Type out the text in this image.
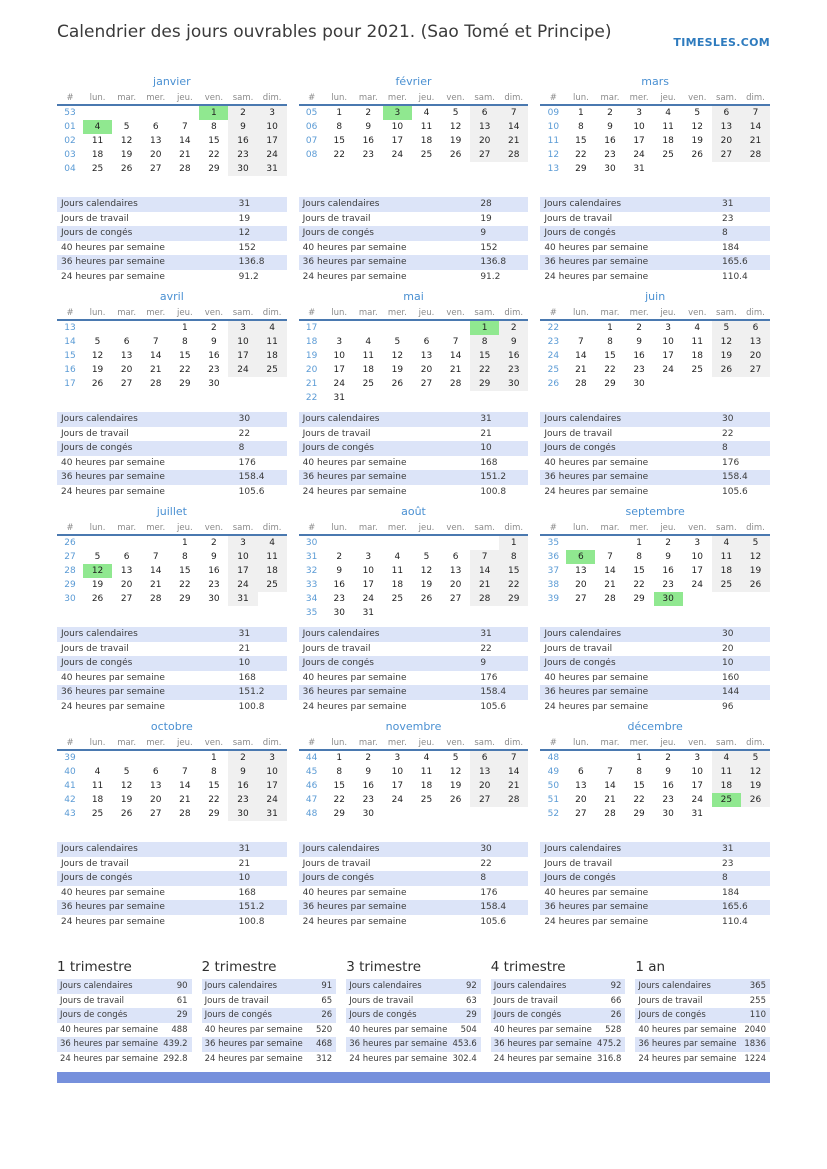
Calendrier des jours ouvrables pour 2021. (Sao Tomé et Principe)
TIMESLES.COM
janvier
#	lun.	mar.	mer.	jeu.	ven.	sam.	dim.
53					1	2	3
01	4	5	6	7	8	9	10
02	11	12	13	14	15	16	17
03	18	19	20	21	22	23	24
04	25	26	27	28	29	30	31
Jours calendaires	31
Jours de travail	19
Jours de congés	12
40 heures par semaine	152
36 heures par semaine	136.8
24 heures par semaine	91.2
février
#	lun.	mar.	mer.	jeu.	ven.	sam.	dim.
05	1	2	3	4	5	6	7
06	8	9	10	11	12	13	14
07	15	16	17	18	19	20	21
08	22	23	24	25	26	27	28
Jours calendaires	28
Jours de travail	19
Jours de congés	9
40 heures par semaine	152
36 heures par semaine	136.8
24 heures par semaine	91.2
mars
#	lun.	mar.	mer.	jeu.	ven.	sam.	dim.
09	1	2	3	4	5	6	7
10	8	9	10	11	12	13	14
11	15	16	17	18	19	20	21
12	22	23	24	25	26	27	28
13	29	30	31				
Jours calendaires	31
Jours de travail	23
Jours de congés	8
40 heures par semaine	184
36 heures par semaine	165.6
24 heures par semaine	110.4
avril
#	lun.	mar.	mer.	jeu.	ven.	sam.	dim.
13				1	2	3	4
14	5	6	7	8	9	10	11
15	12	13	14	15	16	17	18
16	19	20	21	22	23	24	25
17	26	27	28	29	30		
Jours calendaires	30
Jours de travail	22
Jours de congés	8
40 heures par semaine	176
36 heures par semaine	158.4
24 heures par semaine	105.6
mai
#	lun.	mar.	mer.	jeu.	ven.	sam.	dim.
17						1	2
18	3	4	5	6	7	8	9
19	10	11	12	13	14	15	16
20	17	18	19	20	21	22	23
21	24	25	26	27	28	29	30
22	31						
Jours calendaires	31
Jours de travail	21
Jours de congés	10
40 heures par semaine	168
36 heures par semaine	151.2
24 heures par semaine	100.8
juin
#	lun.	mar.	mer.	jeu.	ven.	sam.	dim.
22		1	2	3	4	5	6
23	7	8	9	10	11	12	13
24	14	15	16	17	18	19	20
25	21	22	23	24	25	26	27
26	28	29	30				
Jours calendaires	30
Jours de travail	22
Jours de congés	8
40 heures par semaine	176
36 heures par semaine	158.4
24 heures par semaine	105.6
juillet
#	lun.	mar.	mer.	jeu.	ven.	sam.	dim.
26				1	2	3	4
27	5	6	7	8	9	10	11
28	12	13	14	15	16	17	18
29	19	20	21	22	23	24	25
30	26	27	28	29	30	31	
Jours calendaires	31
Jours de travail	21
Jours de congés	10
40 heures par semaine	168
36 heures par semaine	151.2
24 heures par semaine	100.8
août
#	lun.	mar.	mer.	jeu.	ven.	sam.	dim.
30							1
31	2	3	4	5	6	7	8
32	9	10	11	12	13	14	15
33	16	17	18	19	20	21	22
34	23	24	25	26	27	28	29
35	30	31					
Jours calendaires	31
Jours de travail	22
Jours de congés	9
40 heures par semaine	176
36 heures par semaine	158.4
24 heures par semaine	105.6
septembre
#	lun.	mar.	mer.	jeu.	ven.	sam.	dim.
35			1	2	3	4	5
36	6	7	8	9	10	11	12
37	13	14	15	16	17	18	19
38	20	21	22	23	24	25	26
39	27	28	29	30			
Jours calendaires	30
Jours de travail	20
Jours de congés	10
40 heures par semaine	160
36 heures par semaine	144
24 heures par semaine	96
octobre
#	lun.	mar.	mer.	jeu.	ven.	sam.	dim.
39					1	2	3
40	4	5	6	7	8	9	10
41	11	12	13	14	15	16	17
42	18	19	20	21	22	23	24
43	25	26	27	28	29	30	31
Jours calendaires	31
Jours de travail	21
Jours de congés	10
40 heures par semaine	168
36 heures par semaine	151.2
24 heures par semaine	100.8
novembre
#	lun.	mar.	mer.	jeu.	ven.	sam.	dim.
44	1	2	3	4	5	6	7
45	8	9	10	11	12	13	14
46	15	16	17	18	19	20	21
47	22	23	24	25	26	27	28
48	29	30					
Jours calendaires	30
Jours de travail	22
Jours de congés	8
40 heures par semaine	176
36 heures par semaine	158.4
24 heures par semaine	105.6
décembre
#	lun.	mar.	mer.	jeu.	ven.	sam.	dim.
48			1	2	3	4	5
49	6	7	8	9	10	11	12
50	13	14	15	16	17	18	19
51	20	21	22	23	24	25	26
52	27	28	29	30	31		
Jours calendaires	31
Jours de travail	23
Jours de congés	8
40 heures par semaine	184
36 heures par semaine	165.6
24 heures par semaine	110.4
1 trimestre
Jours calendaires	90
Jours de travail	61
Jours de congés	29
40 heures par semaine	488
36 heures par semaine 439.2
24 heures par semaine 292.8
2 trimestre
Jours calendaires	91
Jours de travail	65
Jours de congés	26
40 heures par semaine	520
36 heures par semaine	468
24 heures par semaine	312
3 trimestre
Jours calendaires	92
Jours de travail	63
Jours de congés	29
40 heures par semaine	504
36 heures par semaine 453.6
24 heures par semaine 302.4
4 trimestre
Jours calendaires	92
Jours de travail	66
Jours de congés	26
40 heures par semaine	528
36 heures par semaine 475.2
24 heures par semaine 316.8
1 an
Jours calendaires	365
Jours de travail	255
Jours de congés	110
40 heures par semaine 2040
36 heures par semaine 1836
24 heures par semaine 1224
